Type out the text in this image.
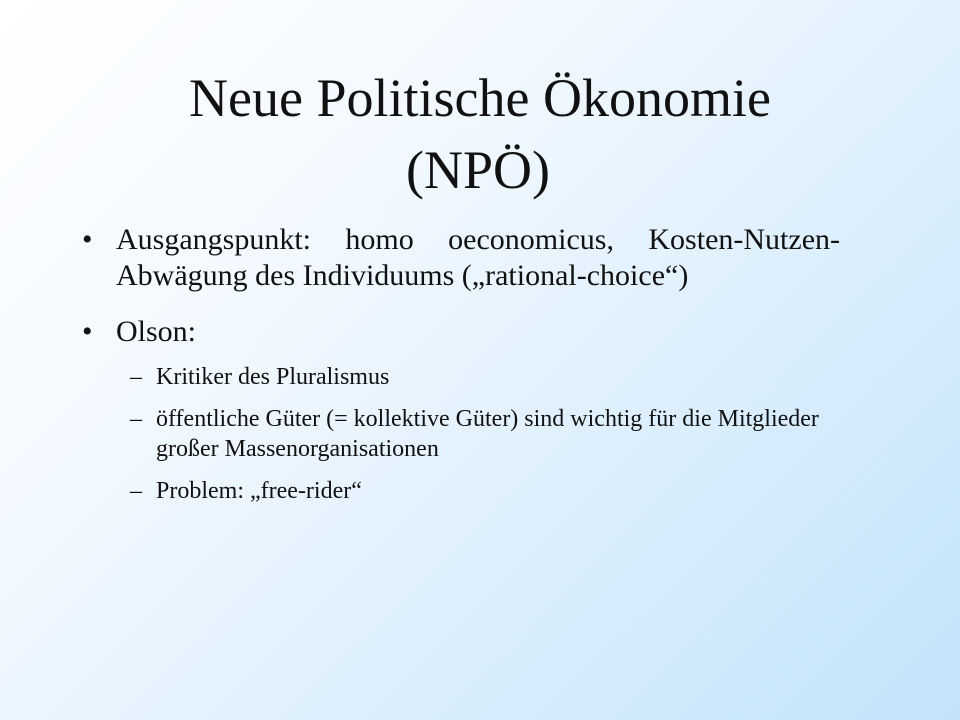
Neue Politische Ökonomie
(NPÖ)
• Ausgangspunkt: homo oeconomicus, Kosten-Nutzen-Abwägung des Individuums („rational-choice“)
• Olson:
– Kritiker des Pluralismus
– öffentliche Güter (= kollektive Güter) sind wichtig für die Mitglieder großer Massenorganisationen
– Problem: „free-rider“
